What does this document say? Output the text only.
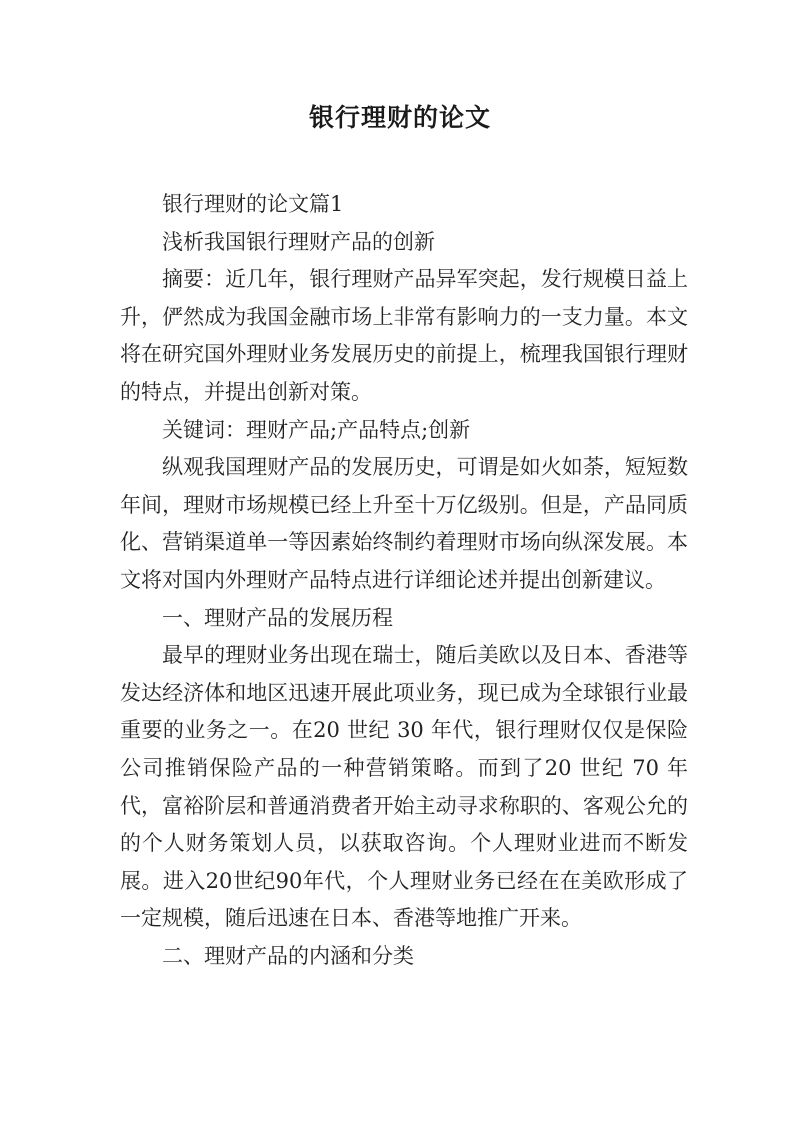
银行理财的论文

银行理财的论文篇1

浅析我国银行理财产品的创新

摘要：近几年，银行理财产品异军突起，发行规模日益上升，俨然成为我国金融市场上非常有影响力的一支力量。本文将在研究国外理财业务发展历史的前提上，梳理我国银行理财的特点，并提出创新对策。

关键词：理财产品;产品特点;创新

纵观我国理财产品的发展历史，可谓是如火如荼，短短数年间，理财市场规模已经上升至十万亿级别。但是，产品同质化、营销渠道单一等因素始终制约着理财市场向纵深发展。本文将对国内外理财产品特点进行详细论述并提出创新建议。

一、理财产品的发展历程

最早的理财业务出现在瑞士，随后美欧以及日本、香港等发达经济体和地区迅速开展此项业务，现已成为全球银行业最重要的业务之一。在20 世纪 30 年代，银行理财仅仅是保险公司推销保险产品的一种营销策略。而到了20 世纪 70 年代，富裕阶层和普通消费者开始主动寻求称职的、客观公允的的个人财务策划人员，以获取咨询。个人理财业进而不断发展。进入20世纪90年代，个人理财业务已经在在美欧形成了一定规模，随后迅速在日本、香港等地推广开来。

二、理财产品的内涵和分类
